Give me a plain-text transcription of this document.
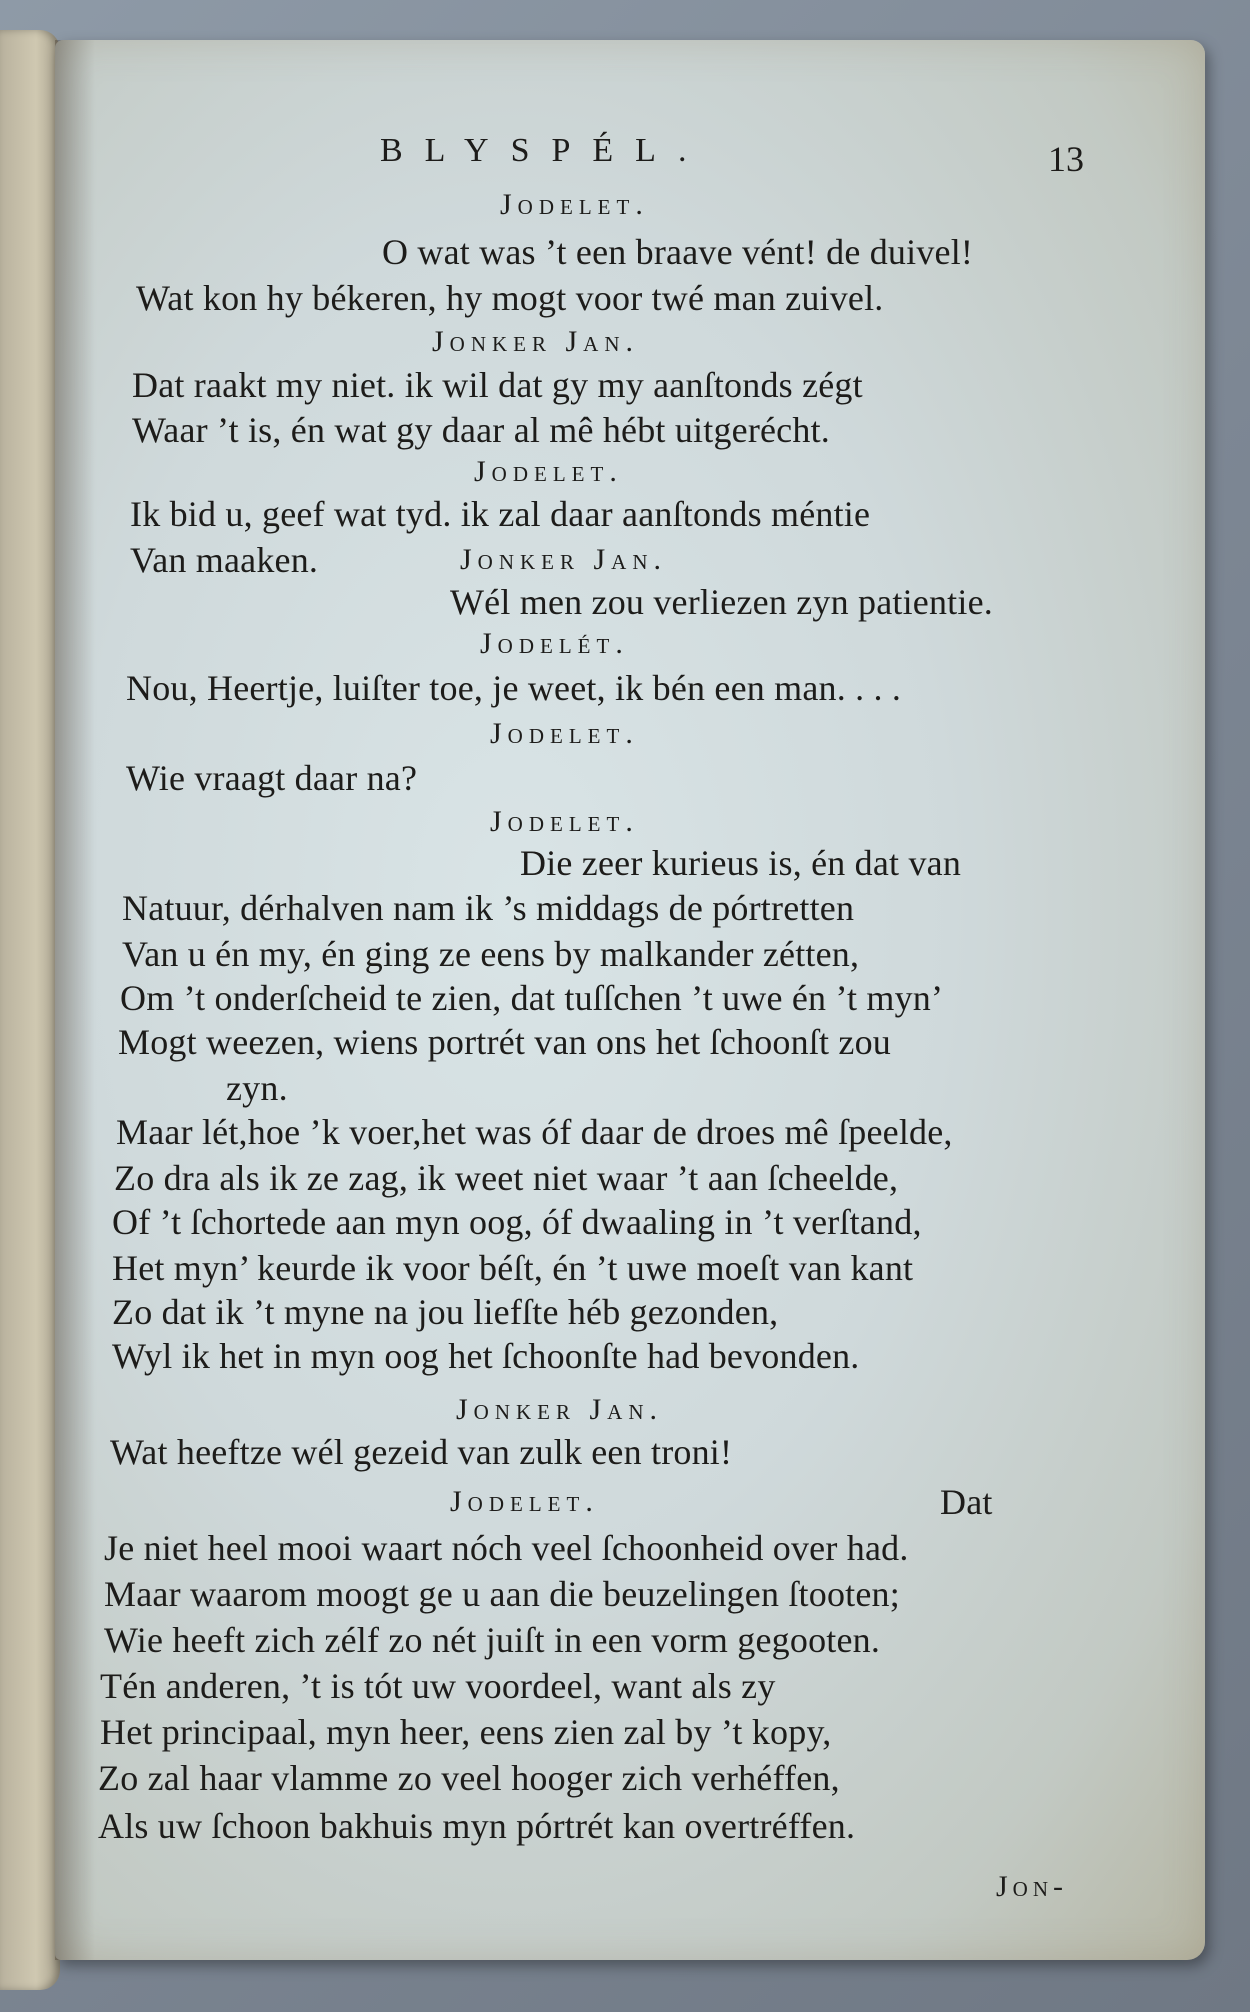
BLYSPÉL.	13
Jodelet.
O wat was ’t een braave vént! de duivel!
Wat kon hy békeren, hy mogt voor twé man zuivel.
Jonker Jan.
Dat raakt my niet. ik wil dat gy my aanſtonds zégt
Waar ’t is, én wat gy daar al mê hébt uitgerécht.
Jodelet.
Ik bid u, geef wat tyd. ik zal daar aanſtonds méntie
Van maaken.	Jonker Jan.
Wél men zou verliezen zyn patientie.
Jodelét.
Nou, Heertje, luiſter toe, je weet, ik bén een man. . . .
Jodelet.
Wie vraagt daar na?
Jodelet.
Die zeer kurieus is, én dat van
Natuur, dérhalven nam ik ’s middags de pórtretten
Van u én my, én ging ze eens by malkander zétten,
Om ’t onderſcheid te zien, dat tuſſchen ’t uwe én ’t myn’
Mogt weezen, wiens portrét van ons het ſchoonſt zou
zyn.
Maar lét,hoe ’k voer,het was óf daar de droes mê ſpeelde,
Zo dra als ik ze zag, ik weet niet waar ’t aan ſcheelde,
Of ’t ſchortede aan myn oog, óf dwaaling in ’t verſtand,
Het myn’ keurde ik voor béſt, én ’t uwe moeſt van kant
Zo dat ik ’t myne na jou liefſte héb gezonden,
Wyl ik het in myn oog het ſchoonſte had bevonden.
Jonker Jan.
Wat heeftze wél gezeid van zulk een troni!
Jodelet.	Dat
Je niet heel mooi waart nóch veel ſchoonheid over had.
Maar waarom moogt ge u aan die beuzelingen ſtooten;
Wie heeft zich zélf zo nét juiſt in een vorm gegooten.
Tén anderen, ’t is tót uw voordeel, want als zy
Het principaal, myn heer, eens zien zal by ’t kopy,
Zo zal haar vlamme zo veel hooger zich verhéffen,
Als uw ſchoon bakhuis myn pórtrét kan overtréffen.
Jon-
